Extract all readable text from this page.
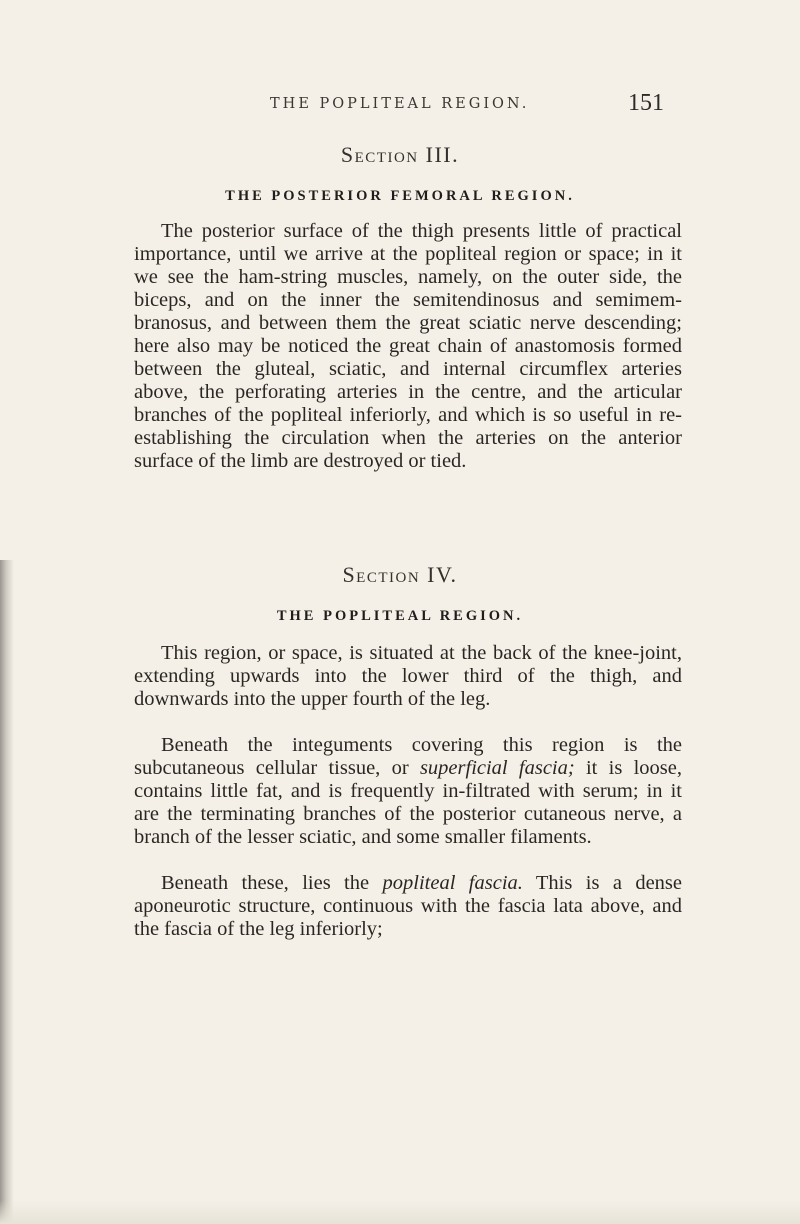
THE POPLITEAL REGION.	151
Section III.
THE POSTERIOR FEMORAL REGION.

The posterior surface of the thigh presents little of practical importance, until we arrive at the popliteal region or space; in it we see the ham-string muscles, namely, on the outer side, the biceps, and on the inner the semitendinosus and semimem-branosus, and between them the great sciatic nerve descending; here also may be noticed the great chain of anastomosis formed between the gluteal, sciatic, and internal circumflex arteries above, the perforating arteries in the centre, and the articular branches of the popliteal inferiorly, and which is so useful in re-establishing the circulation when the arteries on the anterior surface of the limb are destroyed or tied.

Section IV.
THE POPLITEAL REGION.

This region, or space, is situated at the back of the knee-joint, extending upwards into the lower third of the thigh, and downwards into the upper fourth of the leg.

Beneath the integuments covering this region is the subcutaneous cellular tissue, or superficial fascia; it is loose, contains little fat, and is frequently in-filtrated with serum; in it are the terminating branches of the posterior cutaneous nerve, a branch of the lesser sciatic, and some smaller filaments.

Beneath these, lies the popliteal fascia. This is a dense aponeurotic structure, continuous with the fascia lata above, and the fascia of the leg inferiorly;
